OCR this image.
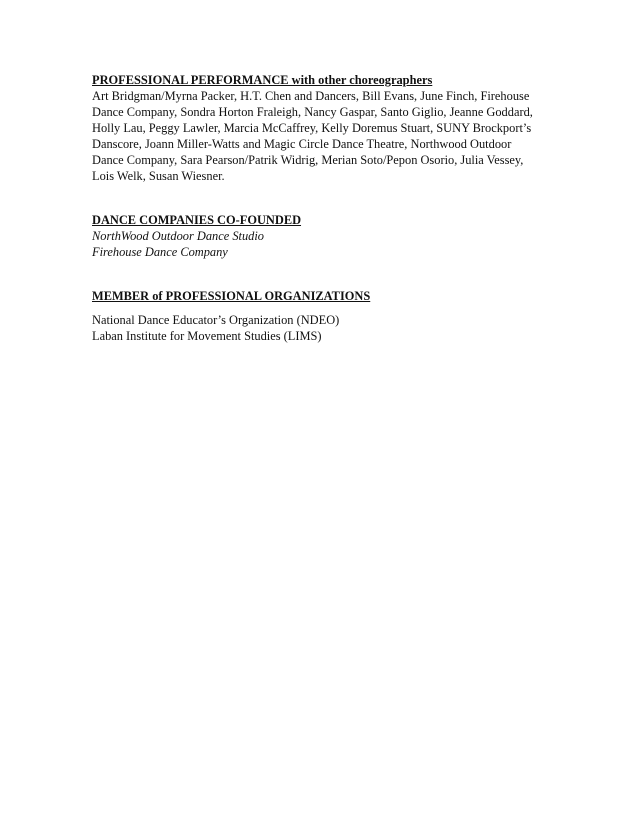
PROFESSIONAL PERFORMANCE with other choreographers

Art Bridgman/Myrna Packer, H.T. Chen and Dancers, Bill Evans, June Finch, Firehouse

Dance Company, Sondra Horton Fraleigh, Nancy Gaspar, Santo Giglio, Jeanne Goddard,

Holly Lau, Peggy Lawler, Marcia McCaffrey, Kelly Doremus Stuart, SUNY Brockport’s

Danscore, Joann Miller-Watts and Magic Circle Dance Theatre, Northwood Outdoor

Dance Company, Sara Pearson/Patrik Widrig, Merian Soto/Pepon Osorio, Julia Vessey,

Lois Welk, Susan Wiesner.

DANCE COMPANIES CO-FOUNDED

NorthWood Outdoor Dance Studio

Firehouse Dance Company

MEMBER of PROFESSIONAL ORGANIZATIONS

National Dance Educator’s Organization (NDEO)

Laban Institute for Movement Studies (LIMS)
